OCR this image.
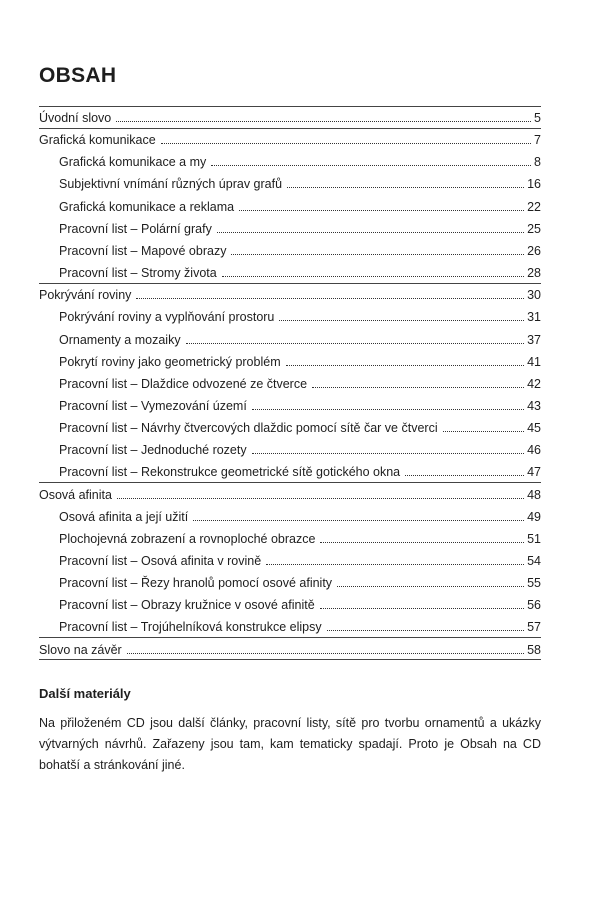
OBSAH
Úvodní slovo	5
Grafická komunikace	7
Grafická komunikace a my	8
Subjektivní vnímání různých úprav grafů	16
Grafická komunikace a reklama	22
Pracovní list – Polární grafy	25
Pracovní list – Mapové obrazy	26
Pracovní list – Stromy života	28
Pokrývání roviny	30
Pokrývání roviny a vyplňování prostoru	31
Ornamenty a mozaiky	37
Pokrytí roviny jako geometrický problém	41
Pracovní list – Dlaždice odvozené ze čtverce	42
Pracovní list – Vymezování území	43
Pracovní list – Návrhy čtvercových dlaždic pomocí sítě čar ve čtverci	45
Pracovní list – Jednoduché rozety	46
Pracovní list – Rekonstrukce geometrické sítě gotického okna	47
Osová afinita	48
Osová afinita a její užití	49
Plochojevná zobrazení a rovnoploché obrazce	51
Pracovní list – Osová afinita v rovině	54
Pracovní list – Řezy hranolů pomocí osové afinity	55
Pracovní list – Obrazy kružnice v osové afinitě	56
Pracovní list – Trojúhelníková konstrukce elipsy	57
Slovo na závěr	58
Další materiály

Na přiloženém CD jsou další články, pracovní listy, sítě pro tvorbu ornamentů a ukázky výtvarných návrhů. Zařazeny jsou tam, kam tematicky spadají. Proto je Obsah na CD bohatší a stránkování jiné.
